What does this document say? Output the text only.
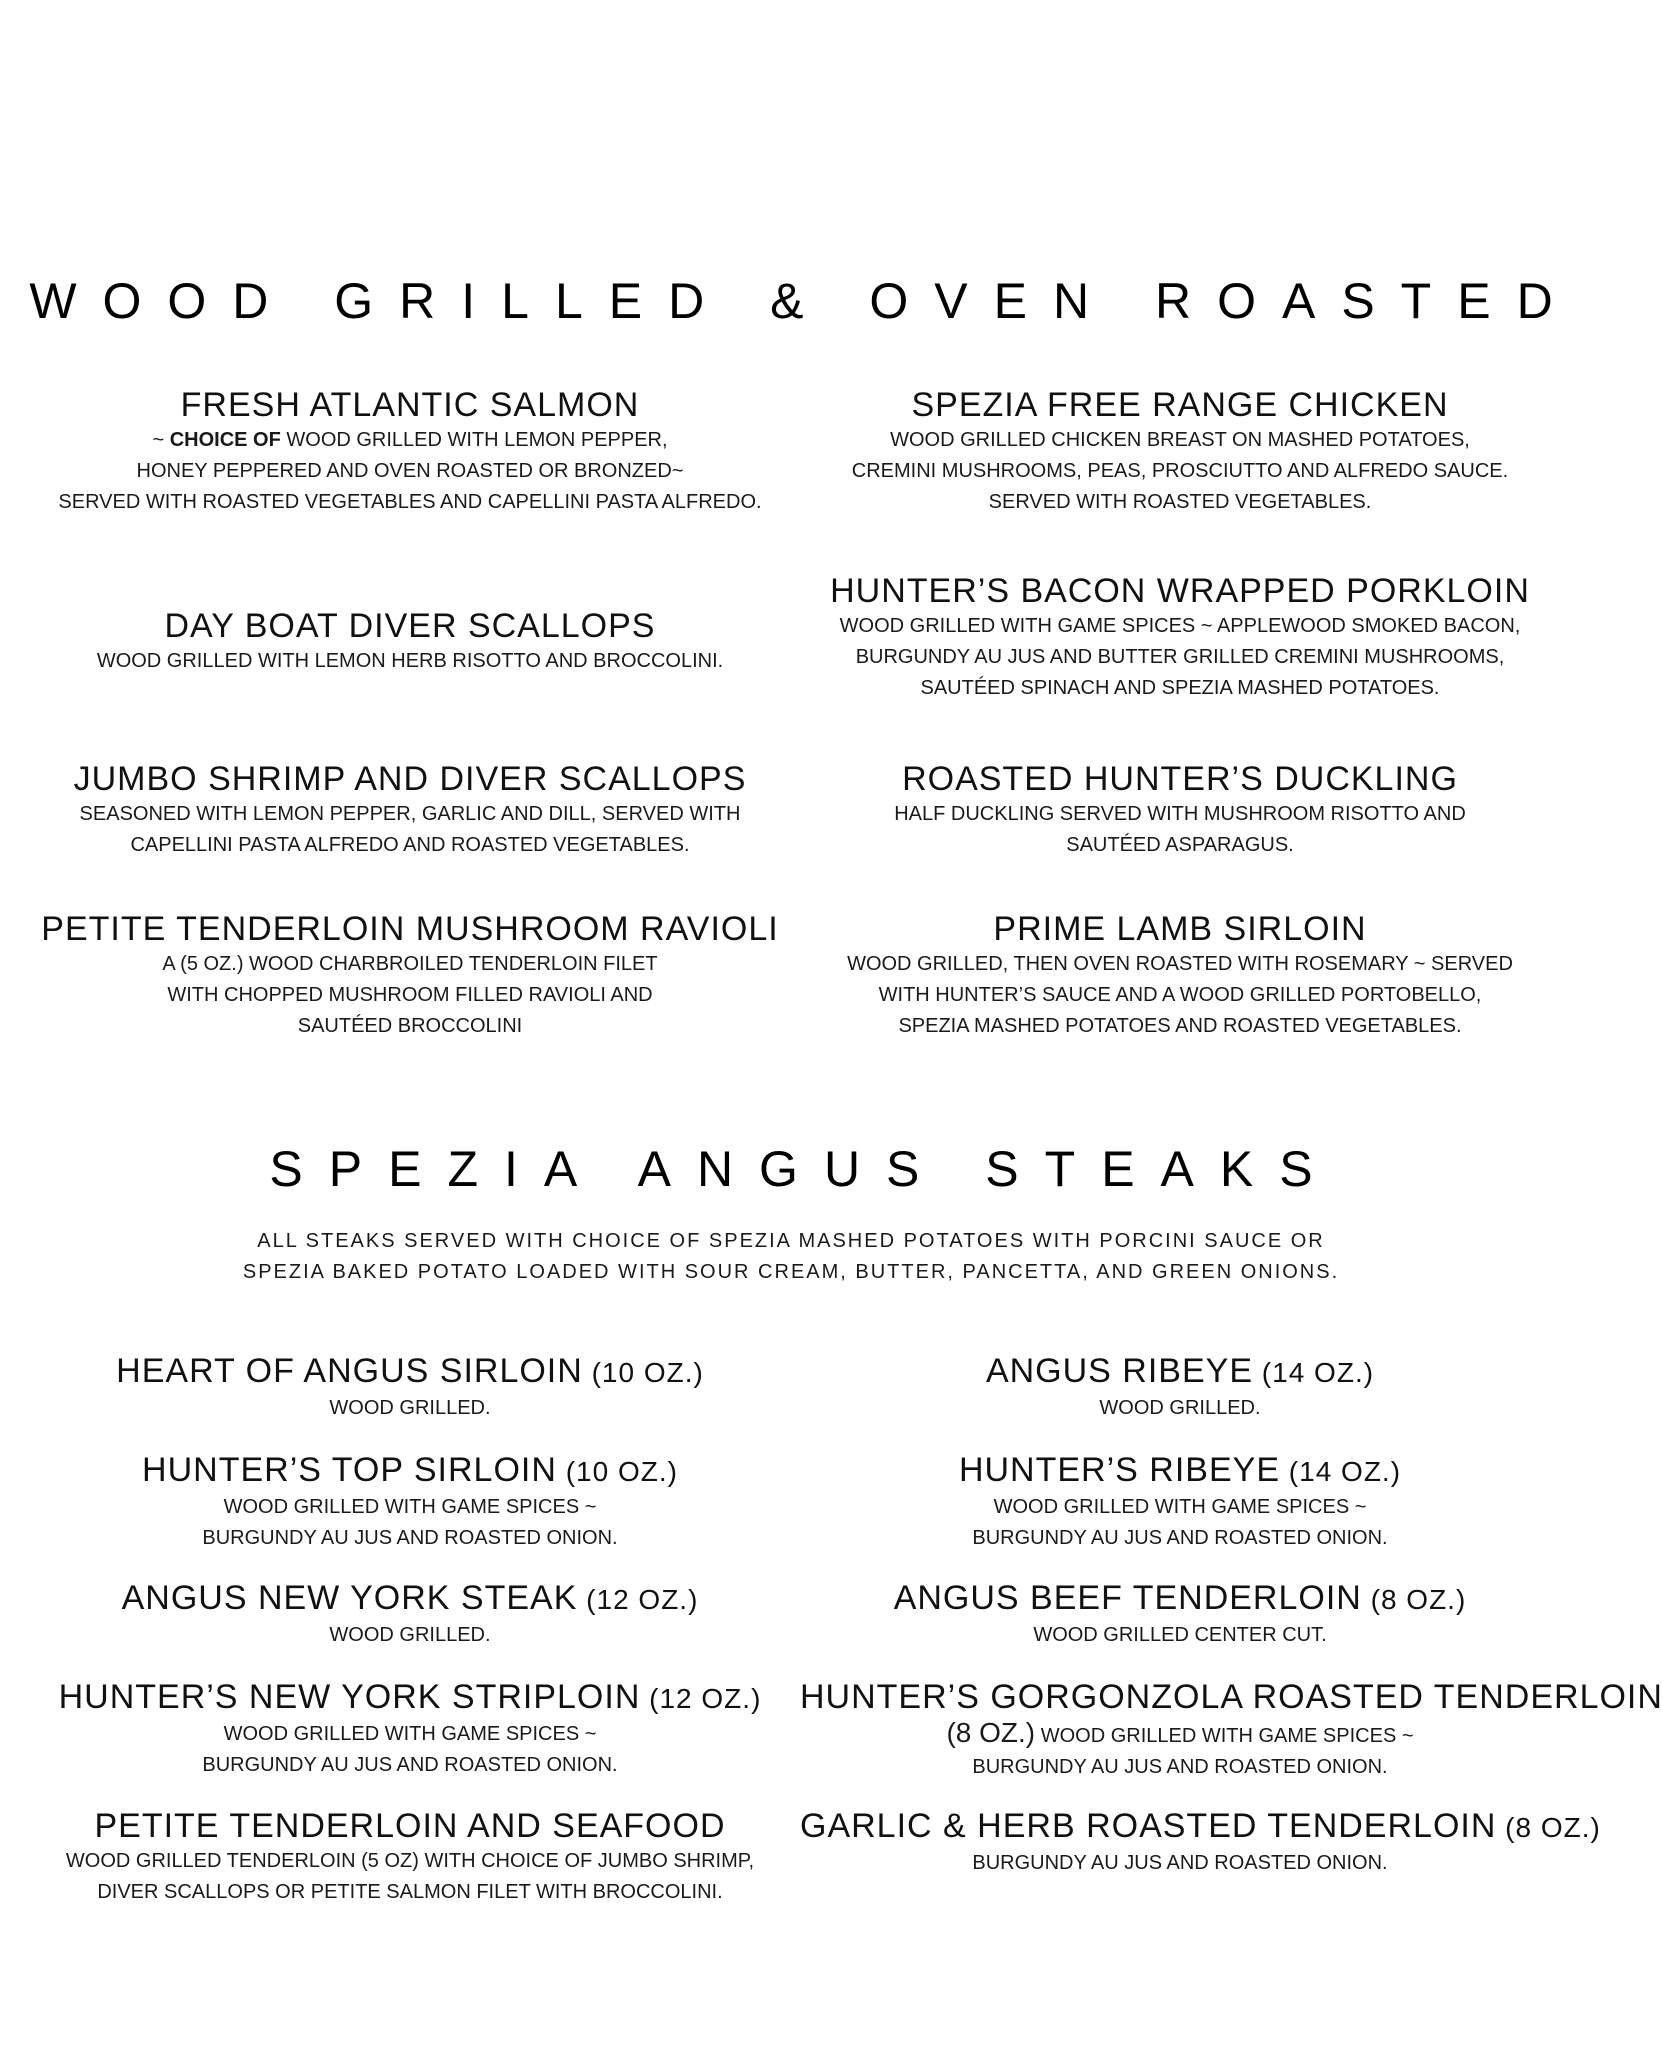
WOOD GRILLED & OVEN ROASTED

FRESH ATLANTIC SALMON

~ CHOICE OF WOOD GRILLED WITH LEMON PEPPER,

HONEY PEPPERED AND OVEN ROASTED OR BRONZED~

SERVED WITH ROASTED VEGETABLES AND CAPELLINI PASTA ALFREDO.

DAY BOAT DIVER SCALLOPS

WOOD GRILLED WITH LEMON HERB RISOTTO AND BROCCOLINI.

JUMBO SHRIMP AND DIVER SCALLOPS

SEASONED WITH LEMON PEPPER, GARLIC AND DILL, SERVED WITH

CAPELLINI PASTA ALFREDO AND ROASTED VEGETABLES.

PETITE TENDERLOIN MUSHROOM RAVIOLI

A (5 OZ.) WOOD CHARBROILED TENDERLOIN FILET

WITH CHOPPED MUSHROOM FILLED RAVIOLI AND

SAUTÉED BROCCOLINI

SPEZIA FREE RANGE CHICKEN

WOOD GRILLED CHICKEN BREAST ON MASHED POTATOES,

CREMINI MUSHROOMS, PEAS, PROSCIUTTO AND ALFREDO SAUCE.

SERVED WITH ROASTED VEGETABLES.

HUNTER’S BACON WRAPPED PORKLOIN

WOOD GRILLED WITH GAME SPICES ~ APPLEWOOD SMOKED BACON,

BURGUNDY AU JUS AND BUTTER GRILLED CREMINI MUSHROOMS,

SAUTÉED SPINACH AND SPEZIA MASHED POTATOES.

ROASTED HUNTER’S DUCKLING

HALF DUCKLING SERVED WITH MUSHROOM RISOTTO AND

SAUTÉED ASPARAGUS.

PRIME LAMB SIRLOIN

WOOD GRILLED, THEN OVEN ROASTED WITH ROSEMARY ~ SERVED

WITH HUNTER’S SAUCE AND A WOOD GRILLED PORTOBELLO,

SPEZIA MASHED POTATOES AND ROASTED VEGETABLES.

SPEZIA ANGUS STEAKS
ALL STEAKS SERVED WITH CHOICE OF SPEZIA MASHED POTATOES WITH PORCINI SAUCE OR
SPEZIA BAKED POTATO LOADED WITH SOUR CREAM, BUTTER, PANCETTA, AND GREEN ONIONS.

HEART OF ANGUS SIRLOIN (10 OZ.)

WOOD GRILLED.

HUNTER’S TOP SIRLOIN (10 OZ.)

WOOD GRILLED WITH GAME SPICES ~

BURGUNDY AU JUS AND ROASTED ONION.

ANGUS NEW YORK STEAK (12 OZ.)

WOOD GRILLED.

HUNTER’S NEW YORK STRIPLOIN (12 OZ.)

WOOD GRILLED WITH GAME SPICES ~

BURGUNDY AU JUS AND ROASTED ONION.

PETITE TENDERLOIN AND SEAFOOD

WOOD GRILLED TENDERLOIN (5 OZ) WITH CHOICE OF JUMBO SHRIMP,

DIVER SCALLOPS OR PETITE SALMON FILET WITH BROCCOLINI.

ANGUS RIBEYE (14 OZ.)

WOOD GRILLED.

HUNTER’S RIBEYE (14 OZ.)

WOOD GRILLED WITH GAME SPICES ~

BURGUNDY AU JUS AND ROASTED ONION.

ANGUS BEEF TENDERLOIN (8 OZ.)

WOOD GRILLED CENTER CUT.

HUNTER’S GORGONZOLA ROASTED TENDERLOIN

(8 OZ.) WOOD GRILLED WITH GAME SPICES ~

BURGUNDY AU JUS AND ROASTED ONION.

GARLIC & HERB ROASTED TENDERLOIN (8 OZ.)

BURGUNDY AU JUS AND ROASTED ONION.
